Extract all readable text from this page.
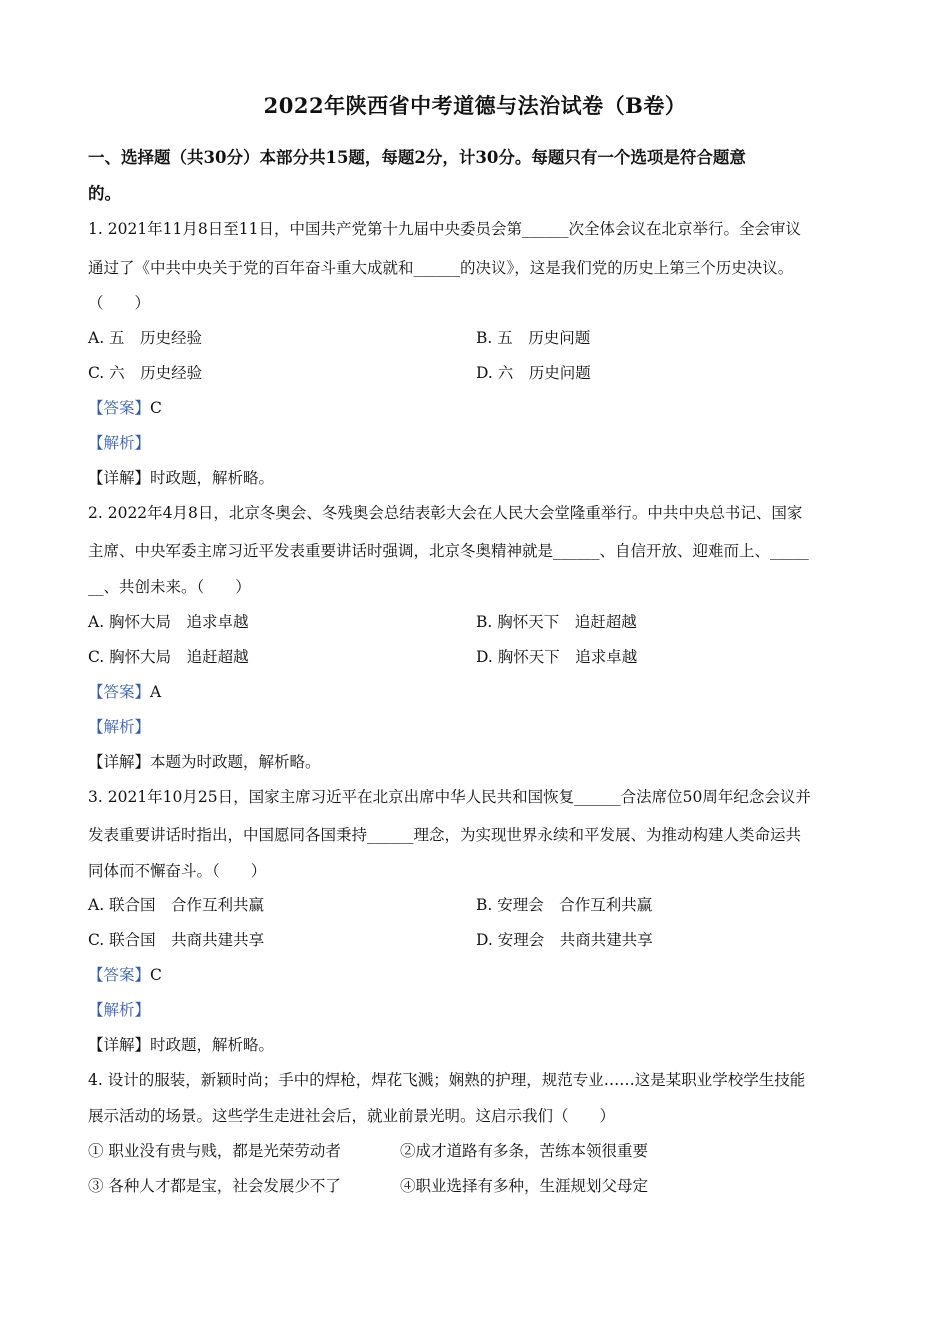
2022年陕西省中考道德与法治试卷（B卷）
一、选择题（共30分）本部分共15题，每题2分，计30分。每题只有一个选项是符合题意
的。
1. 2021年11月8日至11日，中国共产党第十九届中央委员会第______次全体会议在北京举行。全会审议
通过了《中共中央关于党的百年奋斗重大成就和______的决议》，这是我们党的历史上第三个历史决议。
（　　）
A. 五　历史经验	B. 五　历史问题
C. 六　历史经验	D. 六　历史问题
【答案】C
【解析】
【详解】时政题，解析略。
2. 2022年4月8日，北京冬奥会、冬残奥会总结表彰大会在人民大会堂隆重举行。中共中央总书记、国家
主席、中央军委主席习近平发表重要讲话时强调，北京冬奥精神就是______、自信开放、迎难而上、_____
__、共创未来。（　　）
A. 胸怀大局　追求卓越	B. 胸怀天下　追赶超越
C. 胸怀大局　追赶超越	D. 胸怀天下　追求卓越
【答案】A
【解析】
【详解】本题为时政题，解析略。
3. 2021年10月25日，国家主席习近平在北京出席中华人民共和国恢复______合法席位50周年纪念会议并
发表重要讲话时指出，中国愿同各国秉持______理念，为实现世界永续和平发展、为推动构建人类命运共
同体而不懈奋斗。（　　）
A. 联合国　合作互利共赢	B. 安理会　合作互利共赢
C. 联合国　共商共建共享	D. 安理会　共商共建共享
【答案】C
【解析】
【详解】时政题，解析略。
4. 设计的服装，新颖时尚；手中的焊枪，焊花飞溅；娴熟的护理，规范专业……这是某职业学校学生技能
展示活动的场景。这些学生走进社会后，就业前景光明。这启示我们（　　）
① 职业没有贵与贱，都是光荣劳动者	②成才道路有多条，苦练本领很重要
③ 各种人才都是宝，社会发展少不了	④职业选择有多种，生涯规划父母定
